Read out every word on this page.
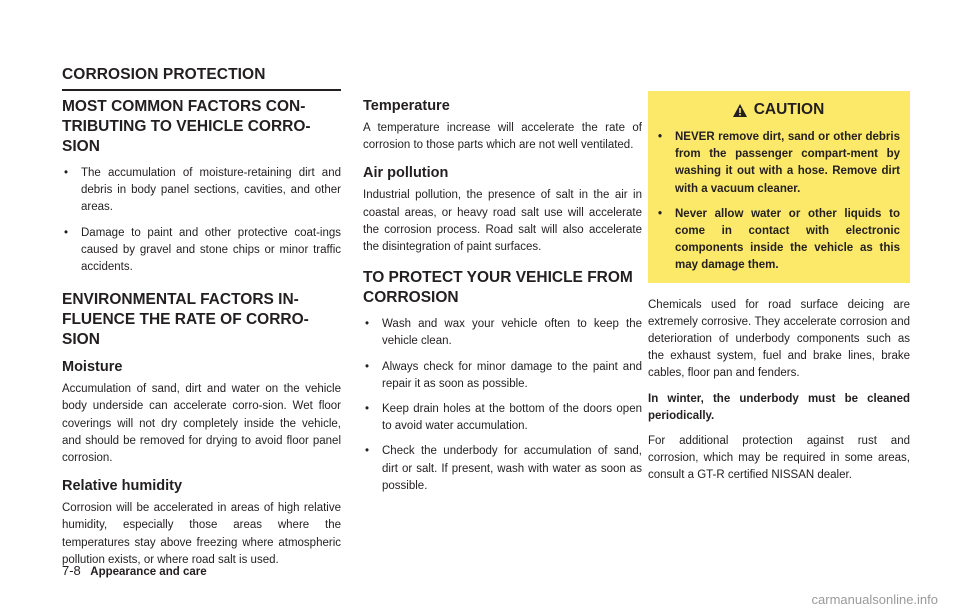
CORROSION PROTECTION
MOST COMMON FACTORS CON-
TRIBUTING TO VEHICLE CORRO-
SION
•	The accumulation of moisture-retaining dirt and debris in body panel sections, cavities, and other areas.
•	Damage to paint and other protective coat-ings caused by gravel and stone chips or minor traffic accidents.
ENVIRONMENTAL FACTORS IN-
FLUENCE THE RATE OF CORRO-
SION
Moisture

Accumulation of sand, dirt and water on the vehicle body underside can accelerate corro-sion. Wet floor coverings will not dry completely inside the vehicle, and should be removed for drying to avoid floor panel corrosion.

Relative humidity

Corrosion will be accelerated in areas of high relative humidity, especially those areas where the temperatures stay above freezing where atmospheric pollution exists, or where road salt is used.

Temperature

A temperature increase will accelerate the rate of corrosion to those parts which are not well ventilated.

Air pollution

Industrial pollution, the presence of salt in the air in coastal areas, or heavy road salt use will accelerate the corrosion process. Road salt will also accelerate the disintegration of paint surfaces.

TO PROTECT YOUR VEHICLE FROM
CORROSION
•	Wash and wax your vehicle often to keep the vehicle clean.
•	Always check for minor damage to the paint and repair it as soon as possible.
•	Keep drain holes at the bottom of the doors open to avoid water accumulation.
•	Check the underbody for accumulation of sand, dirt or salt. If present, wash with water as soon as possible.
CAUTION
•	NEVER remove dirt, sand or other debris from the passenger compart-ment by washing it out with a hose. Remove dirt with a vacuum cleaner.
•	Never allow water or other liquids to come in contact with electronic components inside the vehicle as this may damage them.

Chemicals used for road surface deicing are extremely corrosive. They accelerate corrosion and deterioration of underbody components such as the exhaust system, fuel and brake lines, brake cables, floor pan and fenders.

In winter, the underbody must be cleaned periodically.

For additional protection against rust and corrosion, which may be required in some areas, consult a GT-R certified NISSAN dealer.

7-8 Appearance and care
carmanualsonline.info
